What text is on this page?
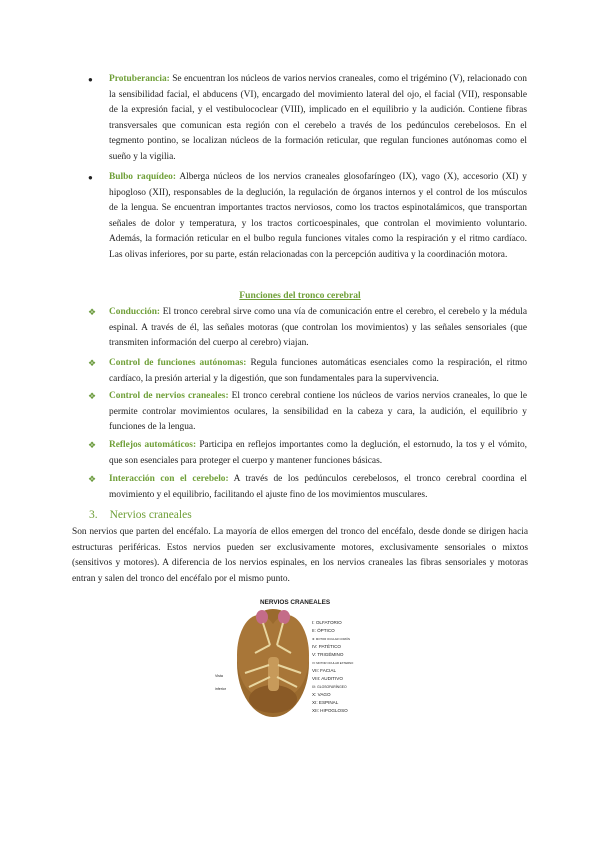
● Protuberancia: Se encuentran los núcleos de varios nervios craneales, como el trigémino (V), relacionado con la sensibilidad facial, el abducens (VI), encargado del movimiento lateral del ojo, el facial (VII), responsable de la expresión facial, y el vestibulococlear (VIII), implicado en el equilibrio y la audición. Contiene fibras transversales que comunican esta región con el cerebelo a través de los pedúnculos cerebelosos. En el tegmento pontino, se localizan núcleos de la formación reticular, que regulan funciones autónomas como el sueño y la vigilia.

● Bulbo raquídeo: Alberga núcleos de los nervios craneales glosofaríngeo (IX), vago (X), accesorio (XI) y hipogloso (XII), responsables de la deglución, la regulación de órganos internos y el control de los músculos de la lengua. Se encuentran importantes tractos nerviosos, como los tractos espinotalámicos, que transportan señales de dolor y temperatura, y los tractos corticoespinales, que controlan el movimiento voluntario. Además, la formación reticular en el bulbo regula funciones vitales como la respiración y el ritmo cardíaco. Las olivas inferiores, por su parte, están relacionadas con la percepción auditiva y la coordinación motora.

Funciones del tronco cerebral
❖ Conducción: El tronco cerebral sirve como una vía de comunicación entre el cerebro, el cerebelo y la médula espinal. A través de él, las señales motoras (que controlan los movimientos) y las señales sensoriales (que transmiten información del cuerpo al cerebro) viajan.

❖ Control de funciones autónomas: Regula funciones automáticas esenciales como la respiración, el ritmo cardíaco, la presión arterial y la digestión, que son fundamentales para la supervivencia.

❖ Control de nervios craneales: El tronco cerebral contiene los núcleos de varios nervios craneales, lo que le permite controlar movimientos oculares, la sensibilidad en la cabeza y cara, la audición, el equilibrio y funciones de la lengua.

❖ Reflejos automáticos: Participa en reflejos importantes como la deglución, el estornudo, la tos y el vómito, que son esenciales para proteger el cuerpo y mantener funciones básicas.

❖ Interacción con el cerebelo: A través de los pedúnculos cerebelosos, el tronco cerebral coordina el movimiento y el equilibrio, facilitando el ajuste fino de los movimientos musculares.

3. Nervios craneales

Son nervios que parten del encéfalo. La mayoría de ellos emergen del tronco del encéfalo, desde donde se dirigen hacia estructuras periféricas. Estos nervios pueden ser exclusivamente motores, exclusivamente sensoriales o mixtos (sensitivos y motores). A diferencia de los nervios espinales, en los nervios craneales las fibras sensoriales y motoras entran y salen del tronco del encéfalo por el mismo punto.

NERVIOS CRANEALES
I: OLFATORIO
II: ÓPTICO
III: MOTOR OCULAR COMÚN
IV: PATÉTICO
V: TRIGÉMINO
VI: MOTOR OCULAR EXTERNO
VII: FACIAL
VIII: AUDITIVO
IX: GLOSOFARÍNGEO
X: VAGO
XI: ESPINAL
XII: HIPOGLOSO
Vista
inferior
